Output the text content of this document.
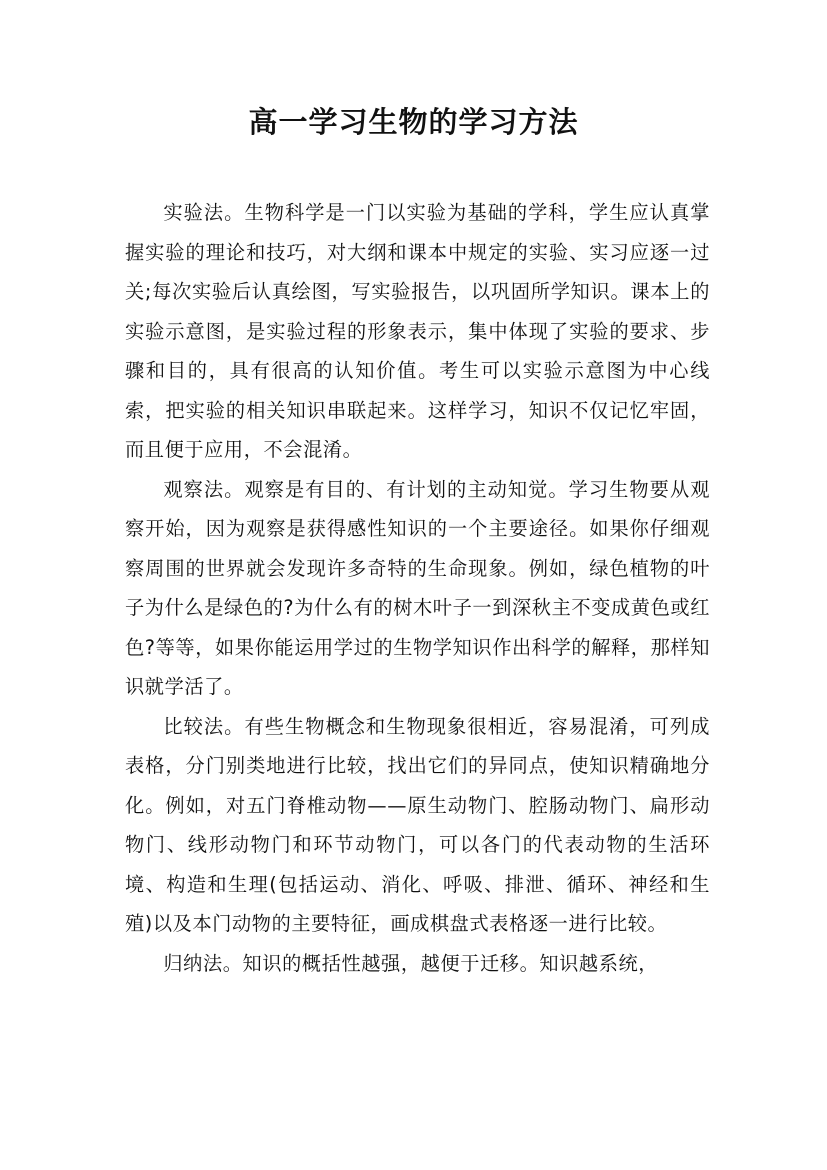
高一学习生物的学习方法

实验法。生物科学是一门以实验为基础的学科，学生应认真掌握实验的理论和技巧，对大纲和课本中规定的实验、实习应逐一过关;每次实验后认真绘图，写实验报告，以巩固所学知识。课本上的实验示意图，是实验过程的形象表示，集中体现了实验的要求、步骤和目的，具有很高的认知价值。考生可以实验示意图为中心线索，把实验的相关知识串联起来。这样学习，知识不仅记忆牢固，而且便于应用，不会混淆。

观察法。观察是有目的、有计划的主动知觉。学习生物要从观察开始，因为观察是获得感性知识的一个主要途径。如果你仔细观察周围的世界就会发现许多奇特的生命现象。例如，绿色植物的叶子为什么是绿色的?为什么有的树木叶子一到深秋主不变成黄色或红色?等等，如果你能运用学过的生物学知识作出科学的解释，那样知识就学活了。

比较法。有些生物概念和生物现象很相近，容易混淆，可列成表格，分门别类地进行比较，找出它们的异同点，使知识精确地分化。例如，对五门脊椎动物——原生动物门、腔肠动物门、扁形动物门、线形动物门和环节动物门，可以各门的代表动物的生活环境、构造和生理(包括运动、消化、呼吸、排泄、循环、神经和生殖)以及本门动物的主要特征，画成棋盘式表格逐一进行比较。

归纳法。知识的概括性越强，越便于迁移。知识越系统，
